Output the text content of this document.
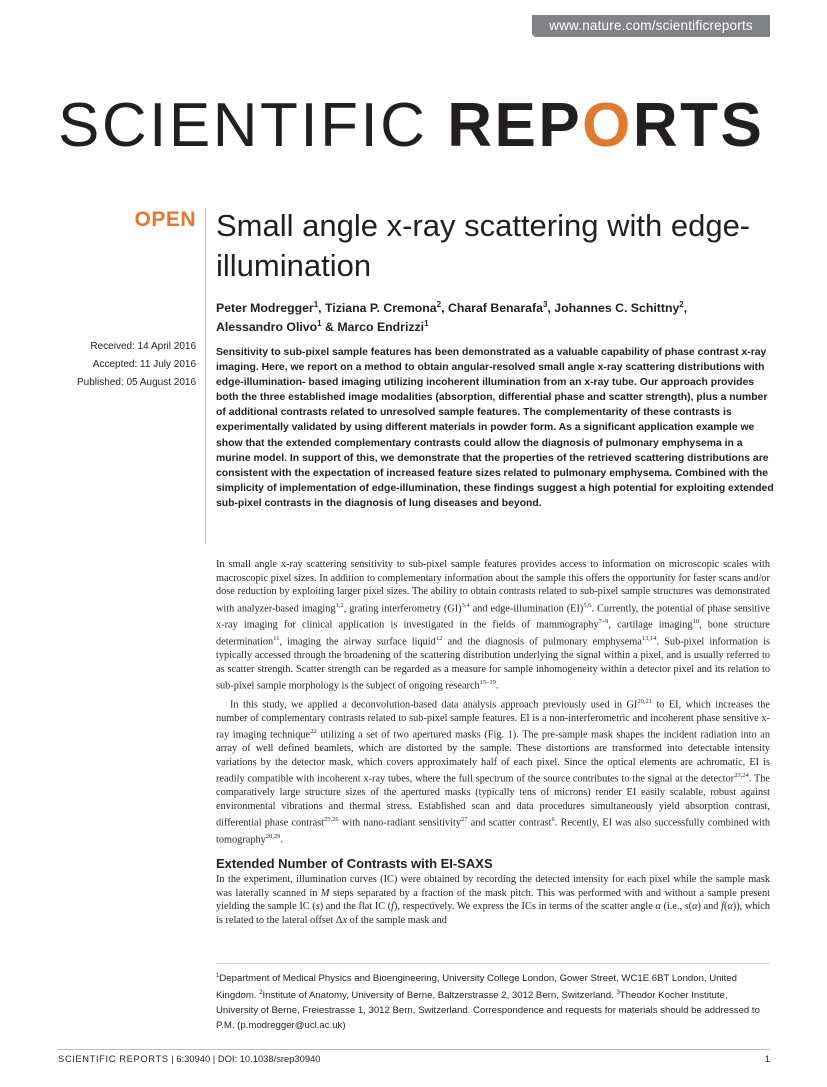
www.nature.com/scientificreports
SCIENTIFIC REPORTS
OPEN Small angle x-ray scattering with edge-illumination
Peter Modregger$^1$, Tiziana P. Cremona$^2$, Charaf Benarafa$^3$, Johannes C. Schittny$^2$,
Alessandro Olivo$^1$ & Marco Endrizzi$^1$
Received: 14 April 2016
Accepted: 11 July 2016
Published: 05 August 2016

Sensitivity to sub-pixel sample features has been demonstrated as a valuable capability of phase contrast x-ray imaging. Here, we report on a method to obtain angular-resolved small angle x-ray scattering distributions with edge-illumination- based imaging utilizing incoherent illumination from an x-ray tube. Our approach provides both the three established image modalities (absorption, differential phase and scatter strength), plus a number of additional contrasts related to unresolved sample features. The complementarity of these contrasts is experimentally validated by using different materials in powder form. As a significant application example we show that the extended complementary contrasts could allow the diagnosis of pulmonary emphysema in a murine model. In support of this, we demonstrate that the properties of the retrieved scattering distributions are consistent with the expectation of increased feature sizes related to pulmonary emphysema. Combined with the simplicity of implementation of edge-illumination, these findings suggest a high potential for exploiting extended sub-pixel contrasts in the diagnosis of lung diseases and beyond.

In small angle x-ray scattering sensitivity to sub-pixel sample features provides access to information on microscopic scales with macroscopic pixel sizes. In addition to complementary information about the sample this offers the opportunity for faster scans and/or dose reduction by exploiting larger pixel sizes. The ability to obtain contrasts related to sub-pixel sample structures was demonstrated with analyzer-based imaging$^{1,2}$, grating interferometry (GI)$^{3,4}$ and edge-illumination (EI)$^{5,6}$. Currently, the potential of phase sensitive x-ray imaging for clinical application is investigated in the fields of mammography$^{7-9}$, cartilage imaging$^{10}$, bone structure determination$^{11}$, imaging the airway surface liquid$^{12}$ and the diagnosis of pulmonary emphysema$^{13,14}$. Sub-pixel information is typically accessed through the broadening of the scattering distribution underlying the signal within a pixel, and is usually referred to as scatter strength. Scatter strength can be regarded as a measure for sample inhomogeneity within a detector pixel and its relation to sub-pixel sample morphology is the subject of ongoing research$^{15-19}$.

In this study, we applied a deconvolution-based data analysis approach previously used in GI$^{20,21}$ to EI, which increases the number of complementary contrasts related to sub-pixel sample features. EI is a non-interferometric and incoherent phase sensitive x-ray imaging technique$^{22}$ utilizing a set of two apertured masks (Fig. 1). The pre-sample mask shapes the incident radiation into an array of well defined beamlets, which are distorted by the sample. These distortions are transformed into detectable intensity variations by the detector mask, which covers approximately half of each pixel. Since the optical elements are achromatic, EI is readily compatible with incoherent x-ray tubes, where the full spectrum of the source contributes to the signal at the detector$^{23,24}$. The comparatively large structure sizes of the apertured masks (typically tens of microns) render EI easily scalable, robust against environmental vibrations and thermal stress. Established scan and data procedures simultaneously yield absorption contrast, differential phase contrast$^{25,26}$ with nano-radiant sensitivity$^{27}$ and scatter contrast$^6$. Recently, EI was also successfully combined with tomography$^{28,29}$.

Extended Number of Contrasts with EI-SAXS

In the experiment, illumination curves (IC) were obtained by recording the detected intensity for each pixel while the sample mask was laterally scanned in M steps separated by a fraction of the mask pitch. This was performed with and without a sample present yielding the sample IC (s) and the flat IC (f), respectively. We express the ICs in terms of the scatter angle α (i.e., s(α) and f(α)), which is related to the lateral offset Δx of the sample mask and

$^1$Department of Medical Physics and Bioengineering, University College London, Gower Street, WC1E 6BT London, United Kingdom. $^2$Institute of Anatomy, University of Berne, Baltzerstrasse 2, 3012 Bern, Switzerland. $^3$Theodor Kocher Institute, University of Berne, Freiestrasse 1, 3012 Bern, Switzerland. Correspondence and requests for materials should be addressed to P.M. (p.modregger@ucl.ac.uk)

SCIENTIFIC REPORTS | 6:30940 | DOI: 10.1038/srep30940	1
